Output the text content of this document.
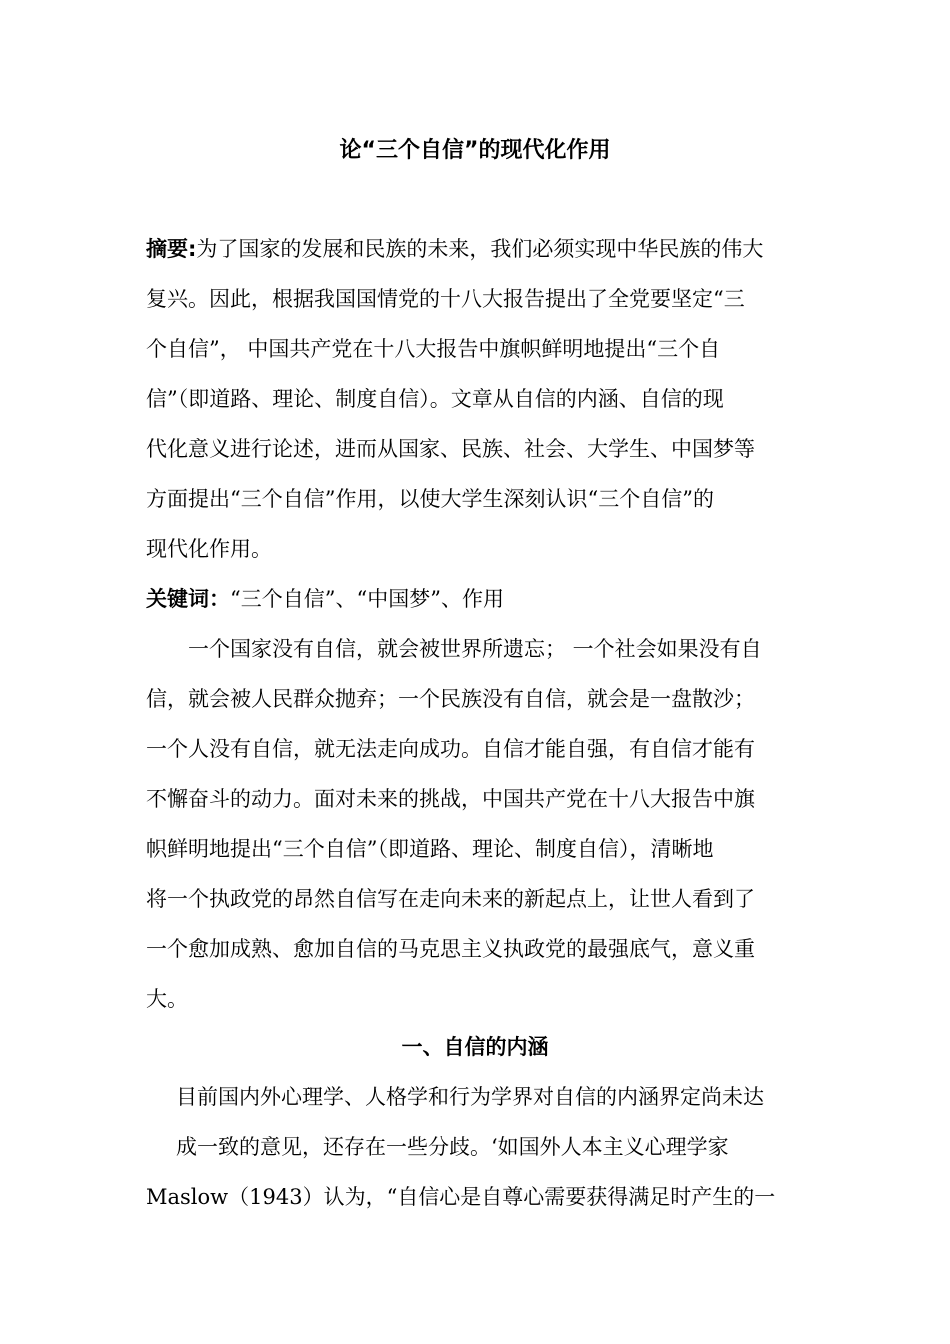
论“三个自信”的现代化作用

摘要:为了国家的发展和民族的未来，我们必须实现中华民族的伟大

复兴。因此，根据我国国情党的十八大报告提出了全党要坚定“三

个自信”， 中国共产党在十八大报告中旗帜鲜明地提出“三个自

信”（即道路、理论、制度自信）。文章从自信的内涵、自信的现

代化意义进行论述，进而从国家、民族、社会、大学生、中国梦等

方面提出“三个自信”作用，以使大学生深刻认识“三个自信”的

现代化作用。

关键词：“三个自信”、“中国梦”、作用

一个国家没有自信，就会被世界所遗忘； 一个社会如果没有自

信，就会被人民群众抛弃；一个民族没有自信，就会是一盘散沙；

一个人没有自信，就无法走向成功。自信才能自强，有自信才能有

不懈奋斗的动力。面对未来的挑战，中国共产党在十八大报告中旗

帜鲜明地提出“三个自信”（即道路、理论、制度自信），清晰地

将一个执政党的昂然自信写在走向未来的新起点上，让世人看到了

一个愈加成熟、愈加自信的马克思主义执政党的最强底气，意义重

大。

一、自信的内涵

目前国内外心理学、人格学和行为学界对自信的内涵界定尚未达

成一致的意见，还存在一些分歧。‘如国外人本主义心理学家

Maslow（1943）认为，“自信心是自尊心需要获得满足时产生的一
